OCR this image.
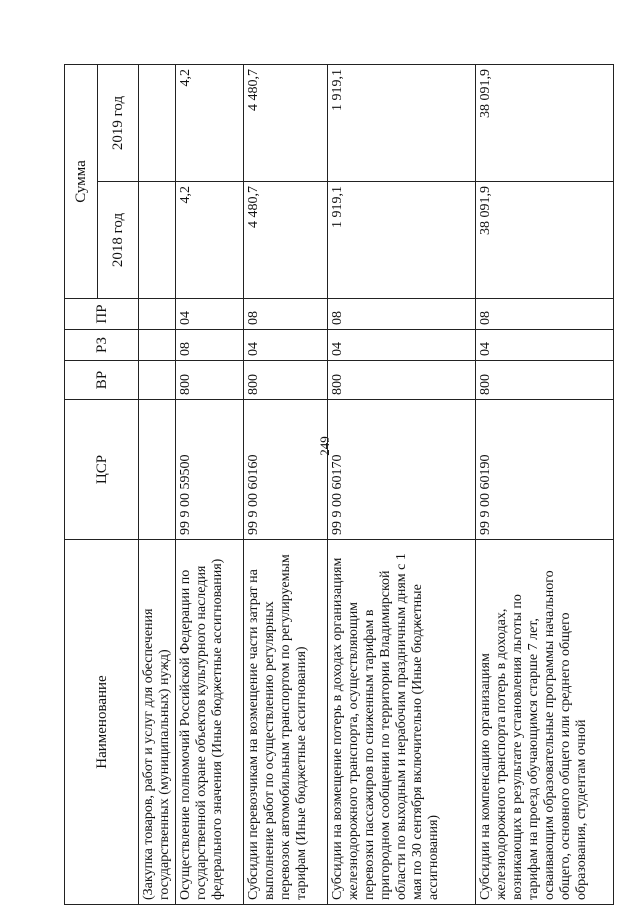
249
Наименование	ЦСР	ВР	РЗ	ПР	Сумма	
					2018 год	2019 год
(Закупка товаров, работ и услуг для обеспечения государственных (муниципальных) нужд)						
Осуществление полномочий Российской Федерации по государственной охране объектов культурного наследия федерального значения (Иные бюджетные ассигнования)	99 9 00 59500	800	08	04	4,2	4,2
Субсидии перевозчикам на возмещение части затрат на выполнение работ по осуществлению регулярных перевозок автомобильным транспортом по регулируемым тарифам (Иные бюджетные ассигнования)	99 9 00 60160	800	04	08	4 480,7	4 480,7
Субсидии на возмещение потерь в доходах организациям железнодорожного транспорта, осуществляющим перевозки пассажиров по сниженным тарифам в пригородном сообщении по территории Владимирской области по выходным и нерабочим праздничным дням с 1 мая по 30 сентября включительно (Иные бюджетные ассигнования)	99 9 00 60170	800	04	08	1 919,1	1 919,1
Субсидии на компенсацию организациям железнодорожного транспорта потерь в доходах, возникающих в результате установления льготы по тарифам на проезд обучающимся старше 7 лет, осваивающим образовательные программы начального общего, основного общего или среднего общего образования, студентам очной	99 9 00 60190	800	04	08	38 091,9	38 091,9
